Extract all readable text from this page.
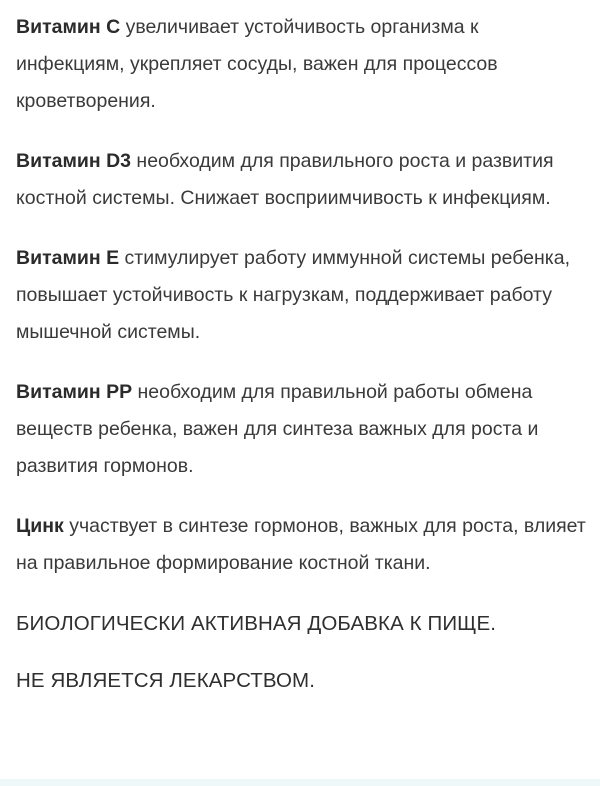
Витамин С увеличивает устойчивость организма к инфекциям, укрепляет сосуды, важен для процессов кроветворения.

Витамин D3 необходим для правильного роста и развития костной системы. Снижает восприимчивость к инфекциям.

Витамин Е стимулирует работу иммунной системы ребенка, повышает устойчивость к нагрузкам, поддерживает работу мышечной системы.

Витамин РР необходим для правильной работы обмена веществ ребенка, важен для синтеза важных для роста и развития гормонов.

Цинк участвует в синтезе гормонов, важных для роста, влияет на правильное формирование костной ткани.

БИОЛОГИЧЕСКИ АКТИВНАЯ ДОБАВКА К ПИЩЕ.

НЕ ЯВЛЯЕТСЯ ЛЕКАРСТВОМ.
